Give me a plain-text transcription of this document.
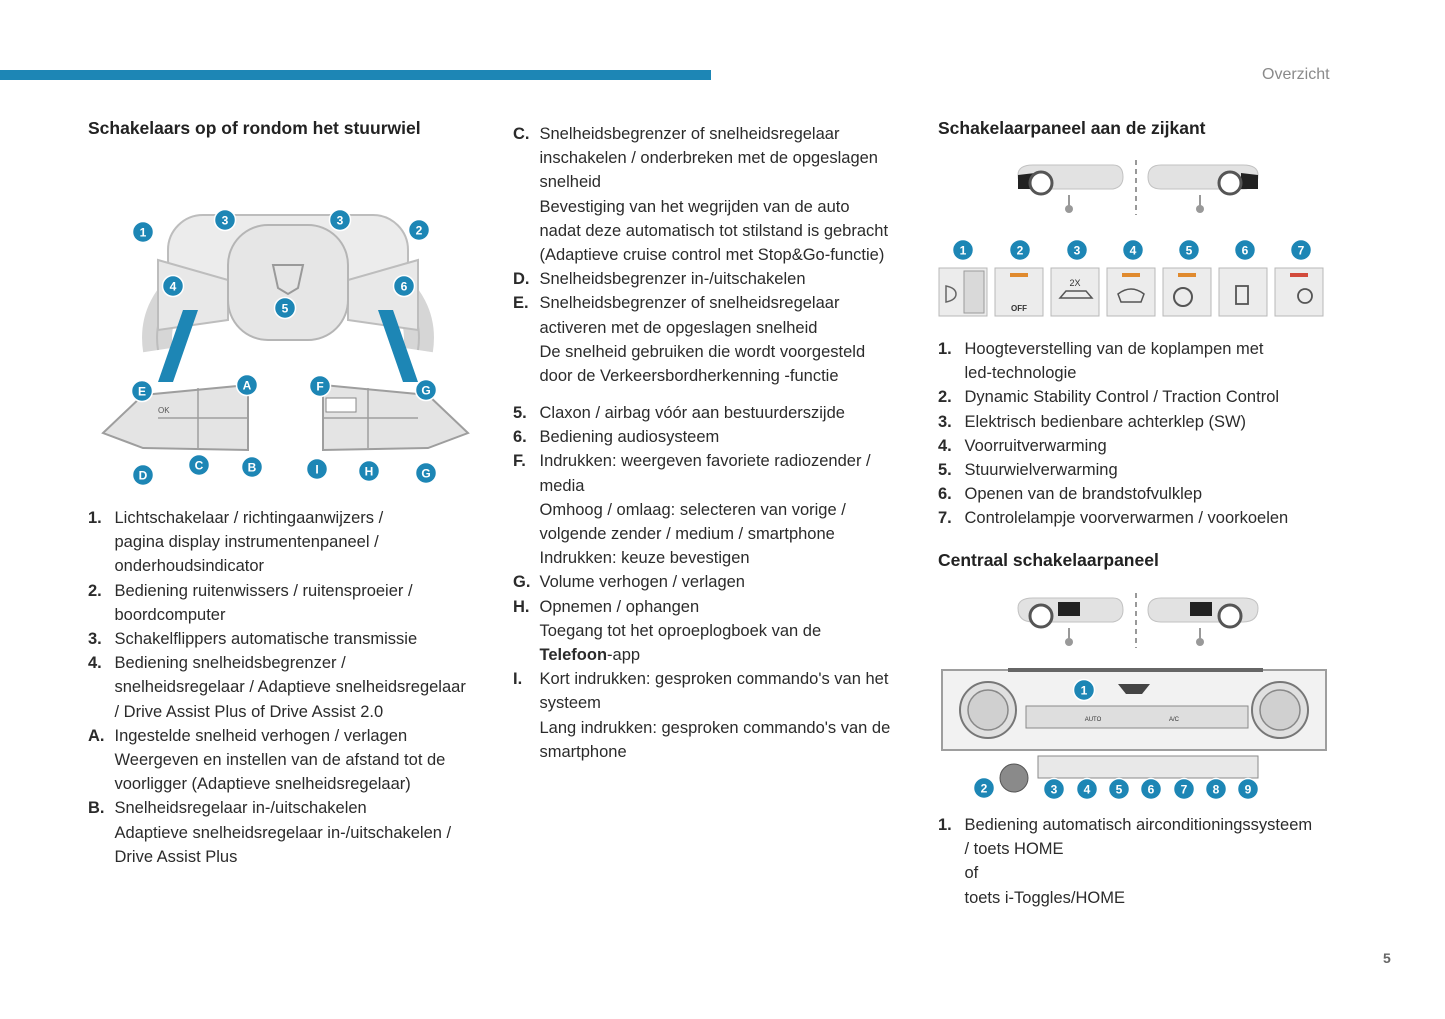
Overzicht
5
Schakelaars op of rondom het stuurwiel
OK
1
3	3
2
4	6
5
E	A
D
C	B
F	G
I	H	G
1. Lichtschakelaar / richtingaanwijzers /
pagina display instrumentenpaneel /
onderhoudsindicator
2. Bediening ruitenwissers / ruitensproeier /
boordcomputer
3. Schakelflippers automatische transmissie
4. Bediening snelheidsbegrenzer /
snelheidsregelaar / Adaptieve snelheidsregelaar
/ Drive Assist Plus of Drive Assist 2.0
A. Ingestelde snelheid verhogen / verlagen
Weergeven en instellen van de afstand tot de
voorligger (Adaptieve snelheidsregelaar)
B. Snelheidsregelaar in-/uitschakelen
Adaptieve snelheidsregelaar in-/uitschakelen /
Drive Assist Plus
C. Snelheidsbegrenzer of snelheidsregelaar
inschakelen / onderbreken met de opgeslagen
snelheid
Bevestiging van het wegrijden van de auto
nadat deze automatisch tot stilstand is gebracht
(Adaptieve cruise control met Stop&Go-functie)
D. Snelheidsbegrenzer in-/uitschakelen
E. Snelheidsbegrenzer of snelheidsregelaar
activeren met de opgeslagen snelheid
De snelheid gebruiken die wordt voorgesteld
door de Verkeersbordherkenning -functie
5. Claxon / airbag vóór aan bestuurderszijde
6. Bediening audiosysteem
F. Indrukken: weergeven favoriete radiozender /
media
Omhoog / omlaag: selecteren van vorige /
volgende zender / medium / smartphone
Indrukken: keuze bevestigen
G. Volume verhogen / verlagen
H. Opnemen / ophangen
Toegang tot het oproeplogboek van de
Telefoon-app
I. Kort indrukken: gesproken commando's van het
systeem
Lang indrukken: gesproken commando's van de
smartphone
Schakelaarpaneel aan de zijkant
1	2	3	4	5	6	7
OFF
2X
1. Hoogteverstelling van de koplampen met
led-technologie
2. Dynamic Stability Control / Traction Control
3. Elektrisch bedienbare achterklep (SW)
4. Voorruitverwarming
5. Stuurwielverwarming
6. Openen van de brandstofvulklep
7. Controlelampje voorverwarmen / voorkoelen
Centraal schakelaarpaneel
AUTO	A/C
1
2	3 4 5 6 7 8 9
1. Bediening automatisch airconditioningssysteem
/ toets HOME
of
toets i-Toggles/HOME
